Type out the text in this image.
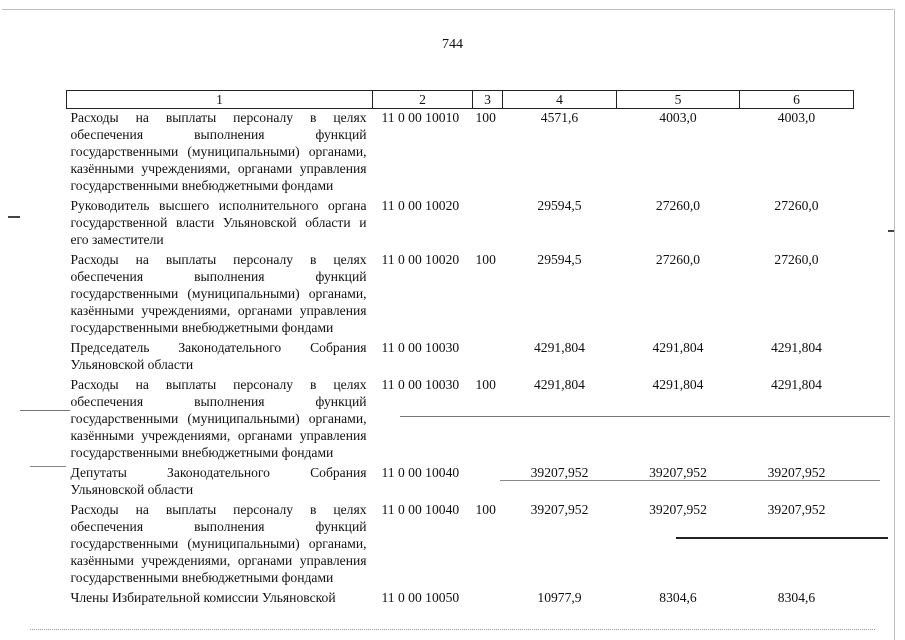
744
1	2	3	4	5	6
Расходы на выплаты персоналу в целях обеспечения выполнения функций государственными (муниципальными) органами, казёнными учреждениями, органами управления государственными внебюджетными фондами	11 0 00 10010	100	4571,6	4003,0	4003,0
Руководитель высшего исполнительного органа государственной власти Ульяновской области и его заместители	11 0 00 10020		29594,5	27260,0	27260,0
Расходы на выплаты персоналу в целях обеспечения выполнения функций государственными (муниципальными) органами, казёнными учреждениями, органами управления государственными внебюджетными фондами	11 0 00 10020	100	29594,5	27260,0	27260,0
Председатель Законодательного Собрания Ульяновской области	11 0 00 10030		4291,804	4291,804	4291,804
Расходы на выплаты персоналу в целях обеспечения выполнения функций государственными (муниципальными) органами, казёнными учреждениями, органами управления государственными внебюджетными фондами	11 0 00 10030	100	4291,804	4291,804	4291,804
Депутаты Законодательного Собрания Ульяновской области	11 0 00 10040		39207,952	39207,952	39207,952
Расходы на выплаты персоналу в целях обеспечения выполнения функций государственными (муниципальными) органами, казёнными учреждениями, органами управления государственными внебюджетными фондами	11 0 00 10040	100	39207,952	39207,952	39207,952
Члены Избирательной комиссии Ульяновской	11 0 00 10050		10977,9	8304,6	8304,6
